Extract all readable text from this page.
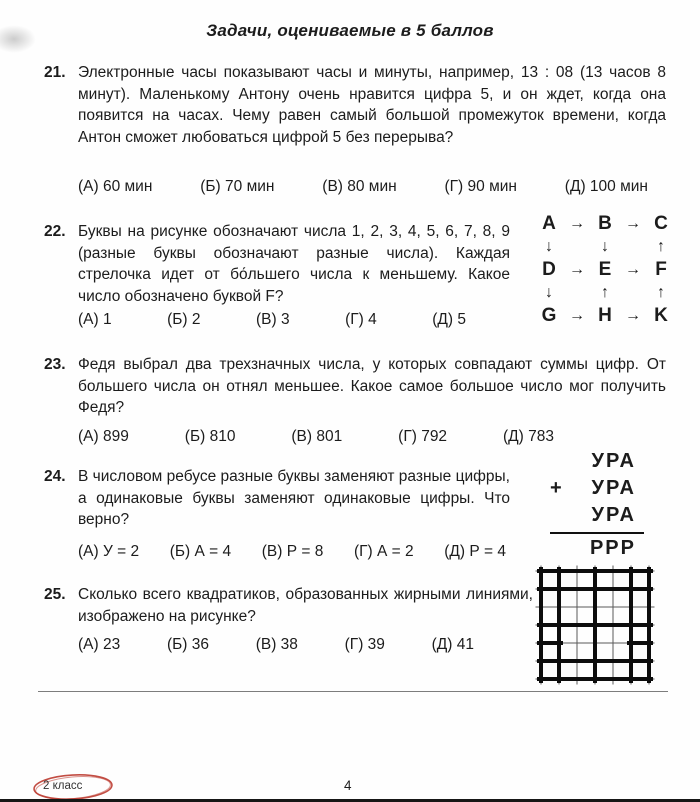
Задачи, оцениваемые в 5 баллов
21. Электронные часы показывают часы и минуты, например, 13 : 08 (13 часов 8 минут). Маленькому Антону очень нравится цифра 5, и он ждет, когда она появится на часах. Чему равен самый большой промежуток времени, когда Антон сможет любоваться цифрой 5 без перерыва?
(А) 60 мин	(Б) 70 мин	(В) 80 мин	(Г) 90 мин	(Д) 100 мин
22. Буквы на рисунке обозначают числа 1, 2, 3, 4, 5, 6, 7, 8, 9 (разные буквы обозначают разные числа). Каждая стрелочка идет от бо́льшего числа к меньшему. Какое число обозначено буквой F?
(А) 1	(Б) 2	(В) 3	(Г) 4	(Д) 5
A → B → C
↓	↓	↑
D → E → F
↓	↑	↑
G → H → K
23. Федя выбрал два трехзначных числа, у которых совпадают суммы цифр. От большего числа он отнял меньшее. Какое самое большое число мог получить Федя?
(А) 899	(Б) 810	(В) 801	(Г) 792	(Д) 783
24. В числовом ребусе разные буквы заменяют разные цифры, а одинаковые буквы заменяют одинаковые цифры. Что верно?
(А) У = 2 (Б) А = 4 (В) Р = 8 (Г) А = 2 (Д) Р = 4
УРА
+ УРА
УРА
РРР
25. Сколько всего квадратиков, образованных жирными линиями, изображено на рисунке?
(А) 23	(Б) 36	(В) 38	(Г) 39	(Д) 41
2 класс	4
